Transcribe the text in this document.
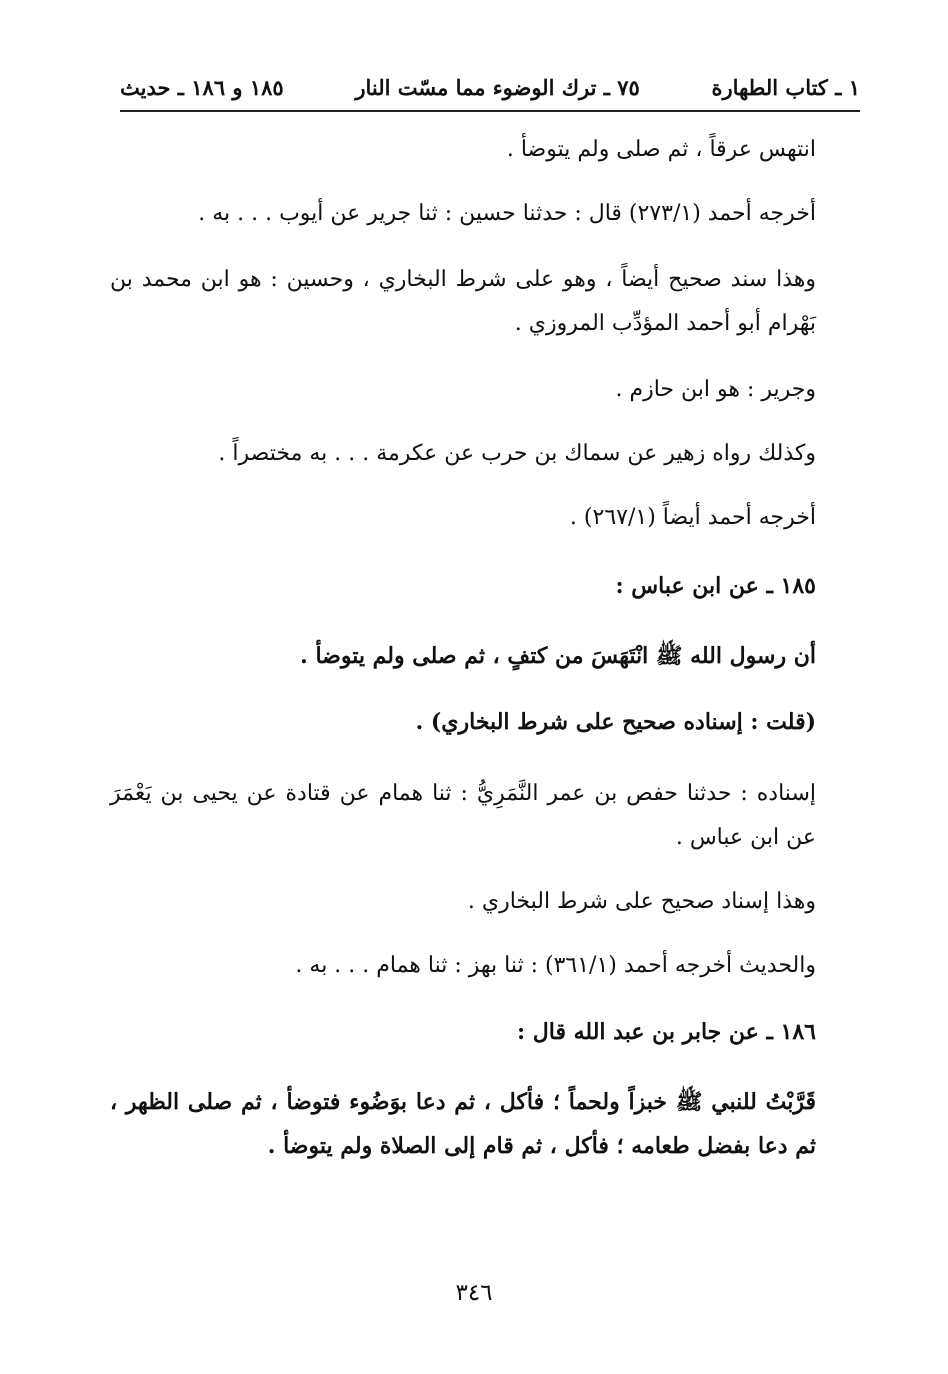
١ ـ كتاب الطهارة
٧٥ ـ ترك الوضوء مما مسّت النار
١٨٥ و ١٨٦ ـ حديث
انتهس عرقاً ، ثم صلى ولم يتوضأ .
أخرجه أحمد (٢٧٣/١) قال : حدثنا حسين : ثنا جرير عن أيوب . . . به .
وهذا سند صحيح أيضاً ، وهو على شرط البخاري ، وحسين : هو ابن محمد بن بَهْرام أبو أحمد المؤدِّب المروزي .
وجرير : هو ابن حازم .
وكذلك رواه زهير عن سماك بن حرب عن عكرمة . . . به مختصراً .
أخرجه أحمد أيضاً (٢٦٧/١) .
١٨٥ ـ عن ابن عباس :
أن رسول الله ﷺ انْتَهَسَ من كتفٍ ، ثم صلى ولم يتوضأ .
(قلت : إسناده صحيح على شرط البخاري) .
إسناده : حدثنا حفص بن عمر النَّمَرِيُّ : ثنا همام عن قتادة عن يحيى بن يَعْمَرَ عن ابن عباس .
وهذا إسناد صحيح على شرط البخاري .
والحديث أخرجه أحمد (٣٦١/١) : ثنا بهز : ثنا همام . . . به .
١٨٦ ـ عن جابر بن عبد الله قال :
قَرَّبْتُ للنبي ﷺ خبزاً ولحماً ؛ فأكل ، ثم دعا بوَضُوء فتوضأ ، ثم صلى الظهر ، ثم دعا بفضل طعامه ؛ فأكل ، ثم قام إلى الصلاة ولم يتوضأ .
٣٤٦
